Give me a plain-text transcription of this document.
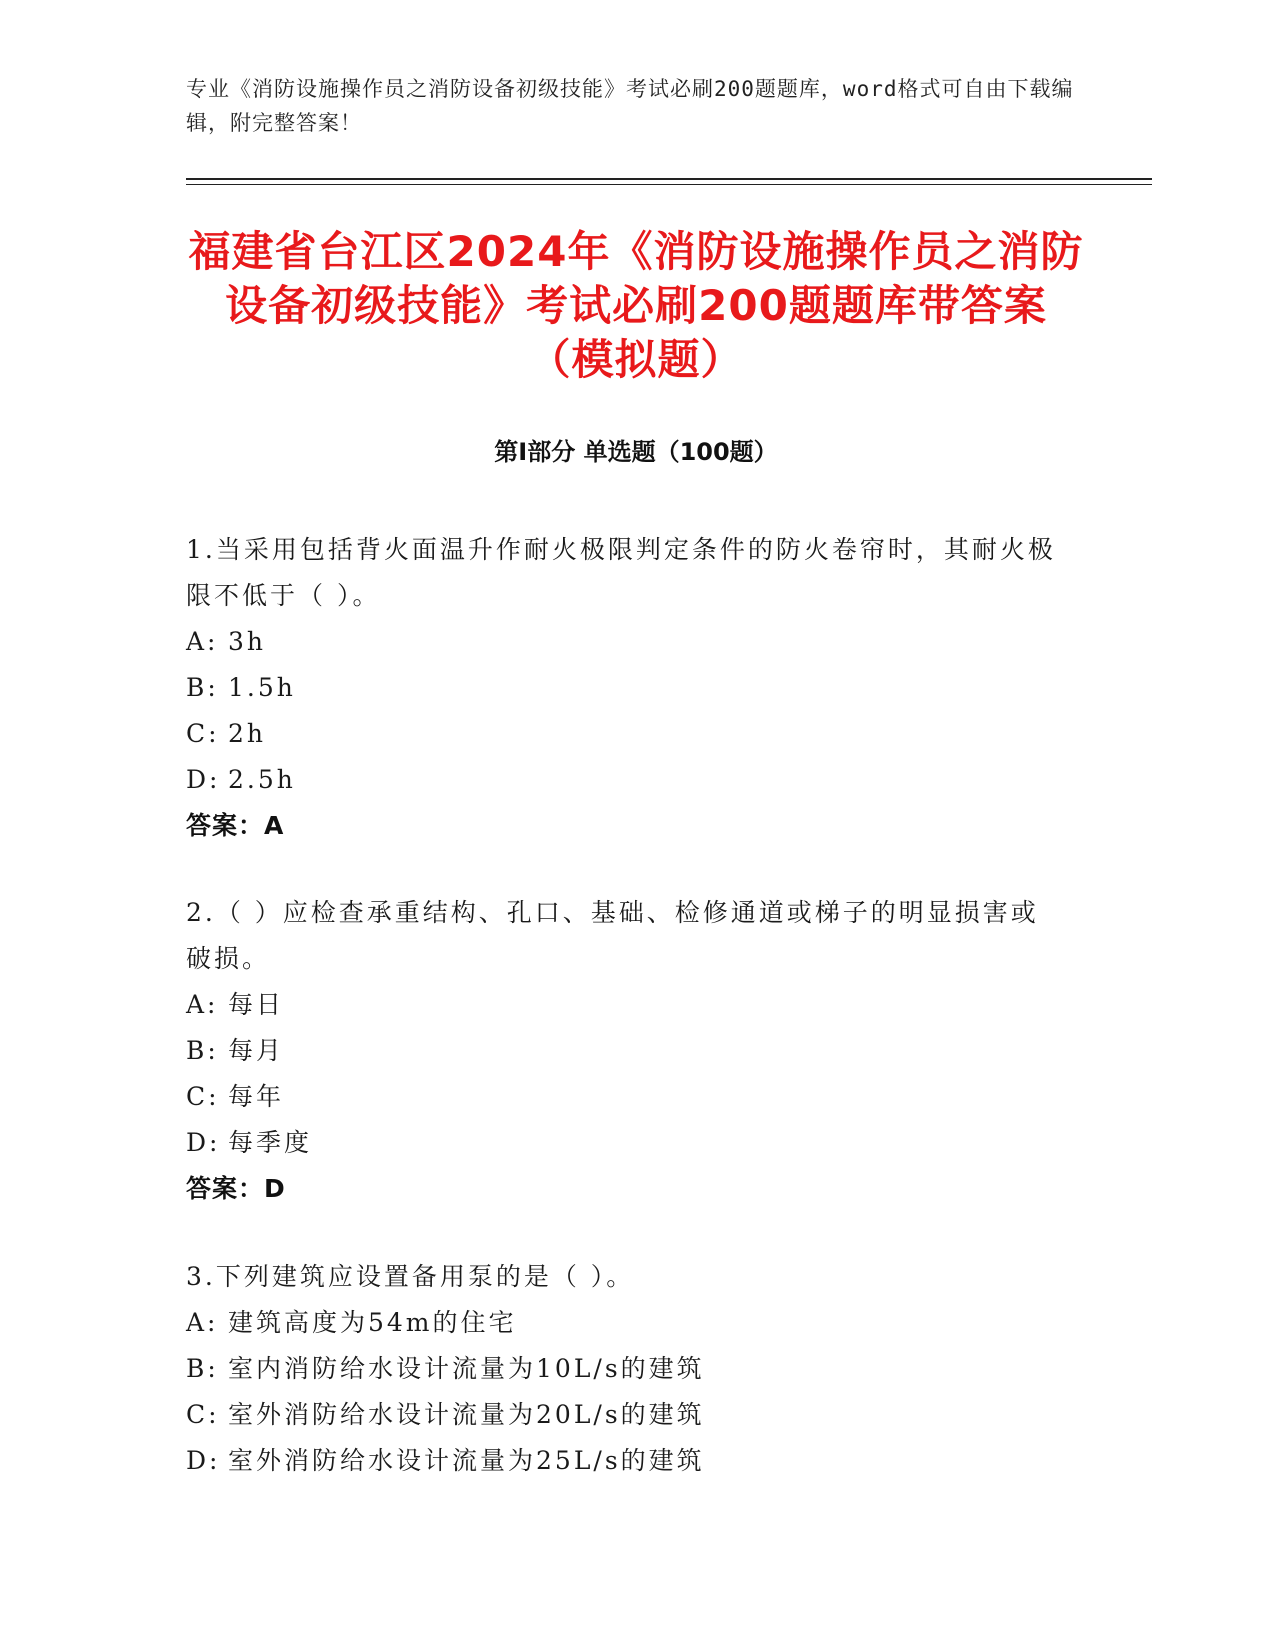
专业《消防设施操作员之消防设备初级技能》考试必刷200题题库，word格式可自由下载编辑，附完整答案！
福建省台江区2024年《消防设施操作员之消防设备初级技能》考试必刷200题题库带答案（模拟题）
第Ⅰ部分 单选题（100题）
1.当采用包括背火面温升作耐火极限判定条件的防火卷帘时，其耐火极限不低于（ ）。
A: 3h
B: 1.5h
C: 2h
D: 2.5h
答案：A
2.（ ）应检查承重结构、孔口、基础、检修通道或梯子的明显损害或破损。
A: 每日
B: 每月
C: 每年
D: 每季度
答案：D
3.下列建筑应设置备用泵的是（ ）。
A: 建筑高度为54m的住宅
B: 室内消防给水设计流量为10L/s的建筑
C: 室外消防给水设计流量为20L/s的建筑
D: 室外消防给水设计流量为25L/s的建筑
